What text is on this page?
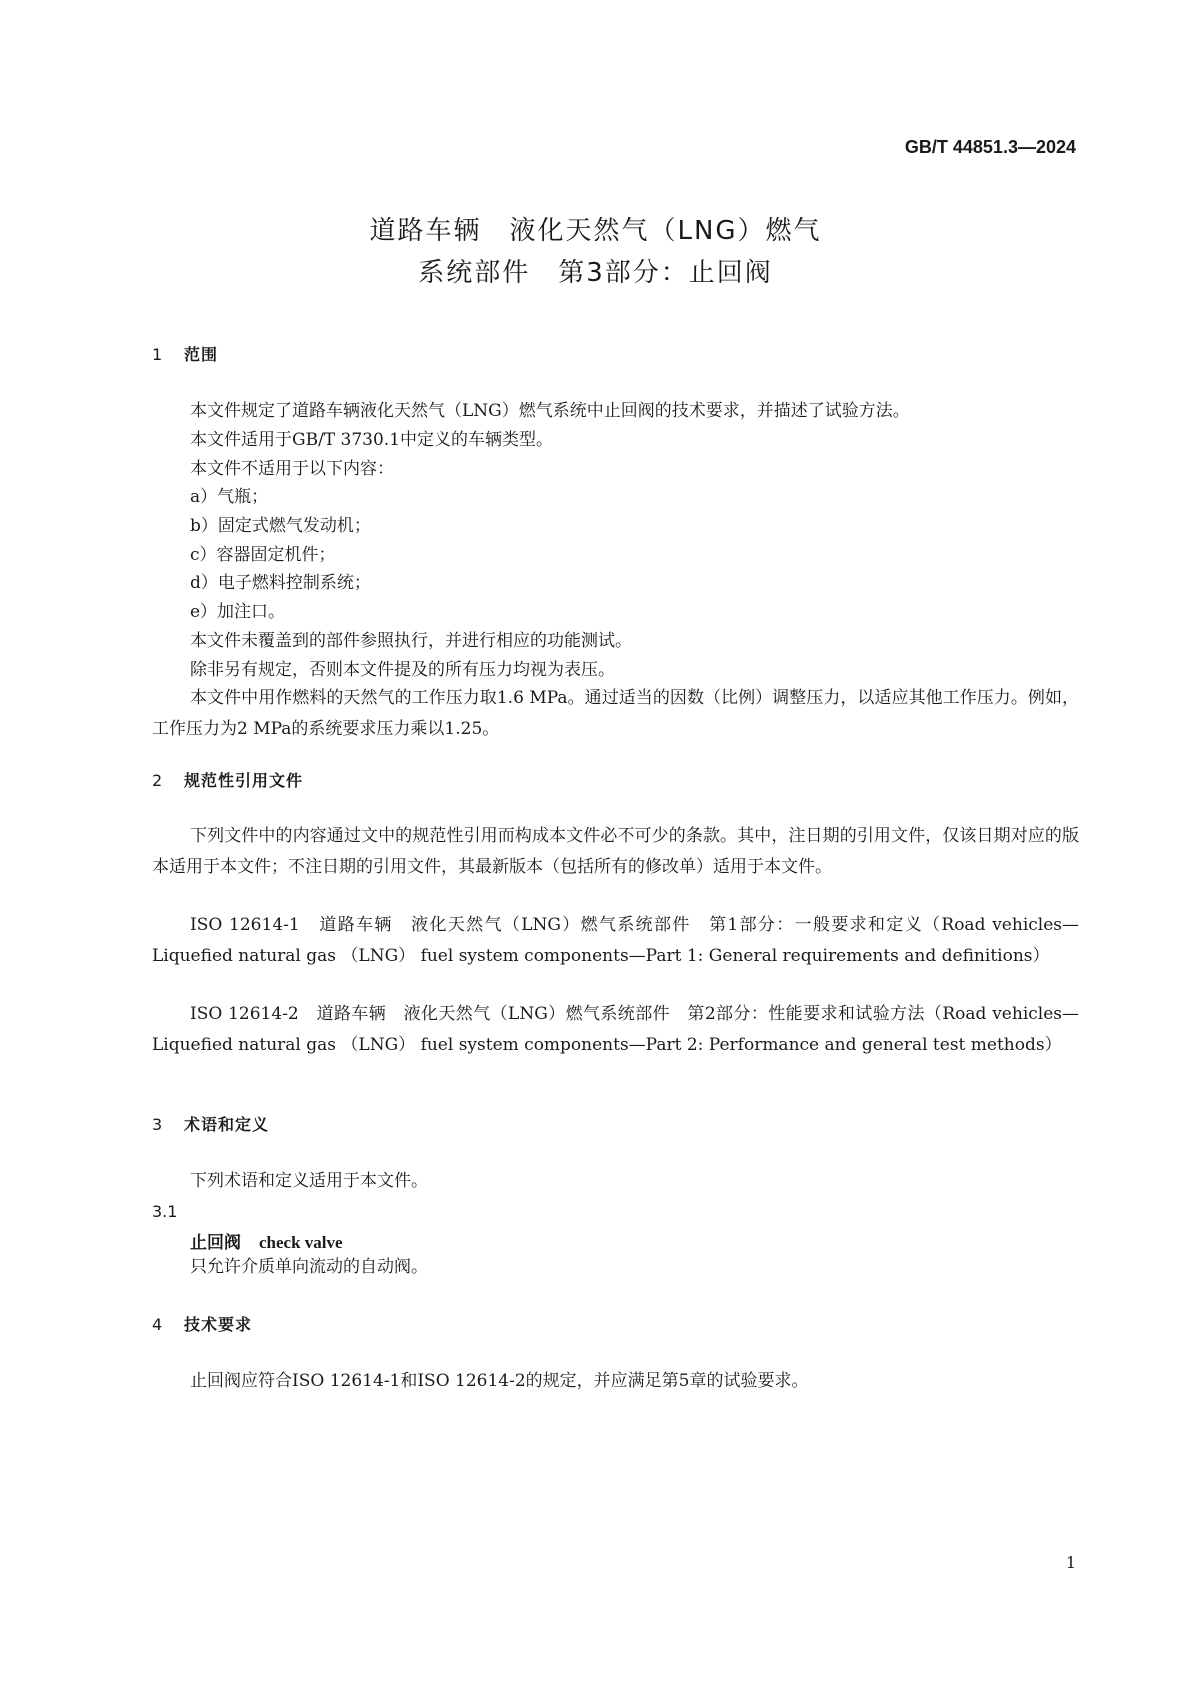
GB/T 44851.3—2024
道路车辆　液化天然气（LNG）燃气
系统部件　第3部分：止回阀
1 范围
本文件规定了道路车辆液化天然气（LNG）燃气系统中止回阀的技术要求，并描述了试验方法。
本文件适用于GB/T 3730.1中定义的车辆类型。
本文件不适用于以下内容：
a）气瓶；
b）固定式燃气发动机；
c）容器固定机件；
d）电子燃料控制系统；
e）加注口。
本文件未覆盖到的部件参照执行，并进行相应的功能测试。
除非另有规定，否则本文件提及的所有压力均视为表压。
本文件中用作燃料的天然气的工作压力取1.6 MPa。通过适当的因数（比例）调整压力，以适应其他工作压力。例如，工作压力为2 MPa的系统要求压力乘以1.25。
2 规范性引用文件
下列文件中的内容通过文中的规范性引用而构成本文件必不可少的条款。其中，注日期的引用文件，仅该日期对应的版本适用于本文件；不注日期的引用文件，其最新版本（包括所有的修改单）适用于本文件。
ISO 12614-1　道路车辆　液化天然气（LNG）燃气系统部件　第1部分：一般要求和定义（Road vehicles—Liquefied natural gas （LNG） fuel system components—Part 1: General requirements and definitions）
ISO 12614-2　道路车辆　液化天然气（LNG）燃气系统部件　第2部分：性能要求和试验方法（Road vehicles—Liquefied natural gas （LNG） fuel system components—Part 2: Performance and general test methods）
3 术语和定义
下列术语和定义适用于本文件。
3.1
止回阀 check valve
只允许介质单向流动的自动阀。
4 技术要求
止回阀应符合ISO 12614-1和ISO 12614-2的规定，并应满足第5章的试验要求。
1
